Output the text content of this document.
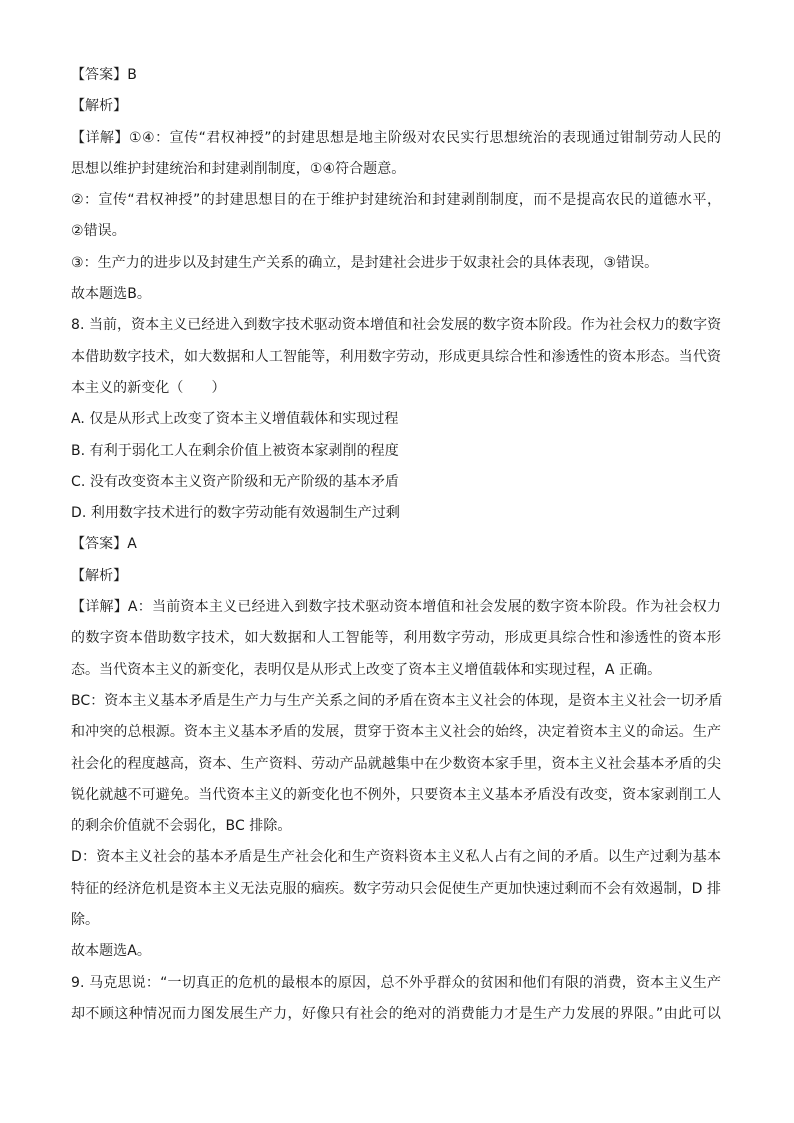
【答案】B
【解析】
【详解】①④：宣传“君权神授”的封建思想是地主阶级对农民实行思想统治的表现通过钳制劳动人民的
思想以维护封建统治和封建剥削制度，①④符合题意。
②：宣传“君权神授”的封建思想目的在于维护封建统治和封建剥削制度，而不是提高农民的道德水平，
②错误。
③：生产力的进步以及封建生产关系的确立，是封建社会进步于奴隶社会的具体表现，③错误。
故本题选B。
8. 当前，资本主义已经进入到数字技术驱动资本增值和社会发展的数字资本阶段。作为社会权力的数字资
本借助数字技术，如大数据和人工智能等，利用数字劳动，形成更具综合性和渗透性的资本形态。当代资
本主义的新变化（　　）
A. 仅是从形式上改变了资本主义增值载体和实现过程
B. 有利于弱化工人在剩余价值上被资本家剥削的程度
C. 没有改变资本主义资产阶级和无产阶级的基本矛盾
D. 利用数字技术进行的数字劳动能有效遏制生产过剩
【答案】A
【解析】
【详解】A：当前资本主义已经进入到数字技术驱动资本增值和社会发展的数字资本阶段。作为社会权力
的数字资本借助数字技术，如大数据和人工智能等，利用数字劳动，形成更具综合性和渗透性的资本形
态。当代资本主义的新变化，表明仅是从形式上改变了资本主义增值载体和实现过程，A 正确。
BC：资本主义基本矛盾是生产力与生产关系之间的矛盾在资本主义社会的体现，是资本主义社会一切矛盾
和冲突的总根源。资本主义基本矛盾的发展，贯穿于资本主义社会的始终，决定着资本主义的命运。生产
社会化的程度越高，资本、生产资料、劳动产品就越集中在少数资本家手里，资本主义社会基本矛盾的尖
锐化就越不可避免。当代资本主义的新变化也不例外，只要资本主义基本矛盾没有改变，资本家剥削工人
的剩余价值就不会弱化，BC 排除。
D：资本主义社会的基本矛盾是生产社会化和生产资料资本主义私人占有之间的矛盾。以生产过剩为基本
特征的经济危机是资本主义无法克服的痼疾。数字劳动只会促使生产更加快速过剩而不会有效遏制，D 排
除。
故本题选A。
9. 马克思说：“一切真正的危机的最根本的原因，总不外乎群众的贫困和他们有限的消费，资本主义生产
却不顾这种情况而力图发展生产力，好像只有社会的绝对的消费能力才是生产力发展的界限。”由此可以
